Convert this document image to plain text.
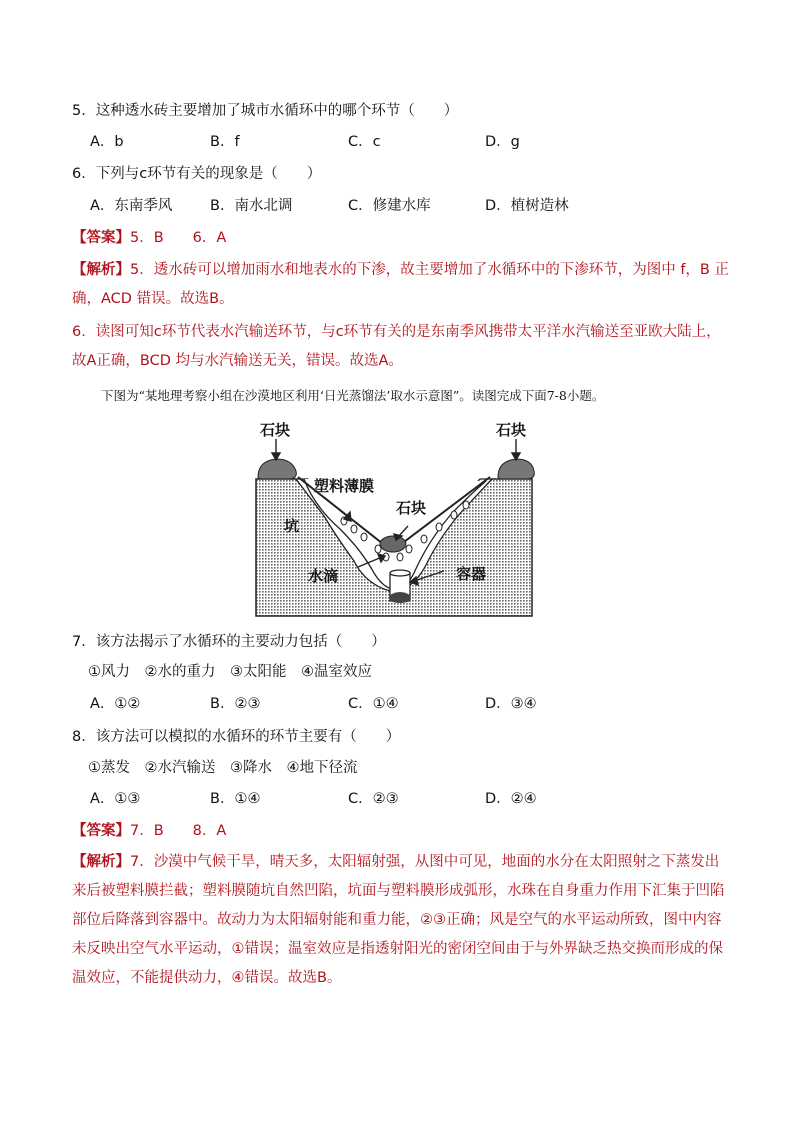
5．这种透水砖主要增加了城市水循环中的哪个环节（　　）
A．b	B．f	C．c	D．g
6．下列与c环节有关的现象是（　　）
A．东南季风	B．南水北调	C．修建水库	D．植树造林
【答案】5．B　　6．A
【解析】5．透水砖可以增加雨水和地表水的下渗，故主要增加了水循环中的下渗环节，为图中 f，B 正确，ACD 错误。故选B。
6．读图可知c环节代表水汽输送环节，与c环节有关的是东南季风携带太平洋水汽输送至亚欧大陆上，故A正确，BCD 均与水汽输送无关，错误。故选A。
下图为“某地理考察小组在沙漠地区利用‘日光蒸馏法’取水示意图”。读图完成下面7-8小题。
石块	石块
塑料薄膜
石块
坑
水滴	容器
7．该方法揭示了水循环的主要动力包括（　　）
①风力　②水的重力　③太阳能　④温室效应
A．①②	B．②③	C．①④	D．③④
8．该方法可以模拟的水循环的环节主要有（　　）
①蒸发　②水汽输送　③降水　④地下径流
A．①③	B．①④	C．②③	D．②④
【答案】7．B　　8．A
【解析】7．沙漠中气候干旱，晴天多，太阳辐射强，从图中可见，地面的水分在太阳照射之下蒸发出来后被塑料膜拦截；塑料膜随坑自然凹陷，坑面与塑料膜形成弧形，水珠在自身重力作用下汇集于凹陷部位后降落到容器中。故动力为太阳辐射能和重力能，②③正确；风是空气的水平运动所致，图中内容未反映出空气水平运动，①错误；温室效应是指透射阳光的密闭空间由于与外界缺乏热交换而形成的保温效应，不能提供动力，④错误。故选B。
